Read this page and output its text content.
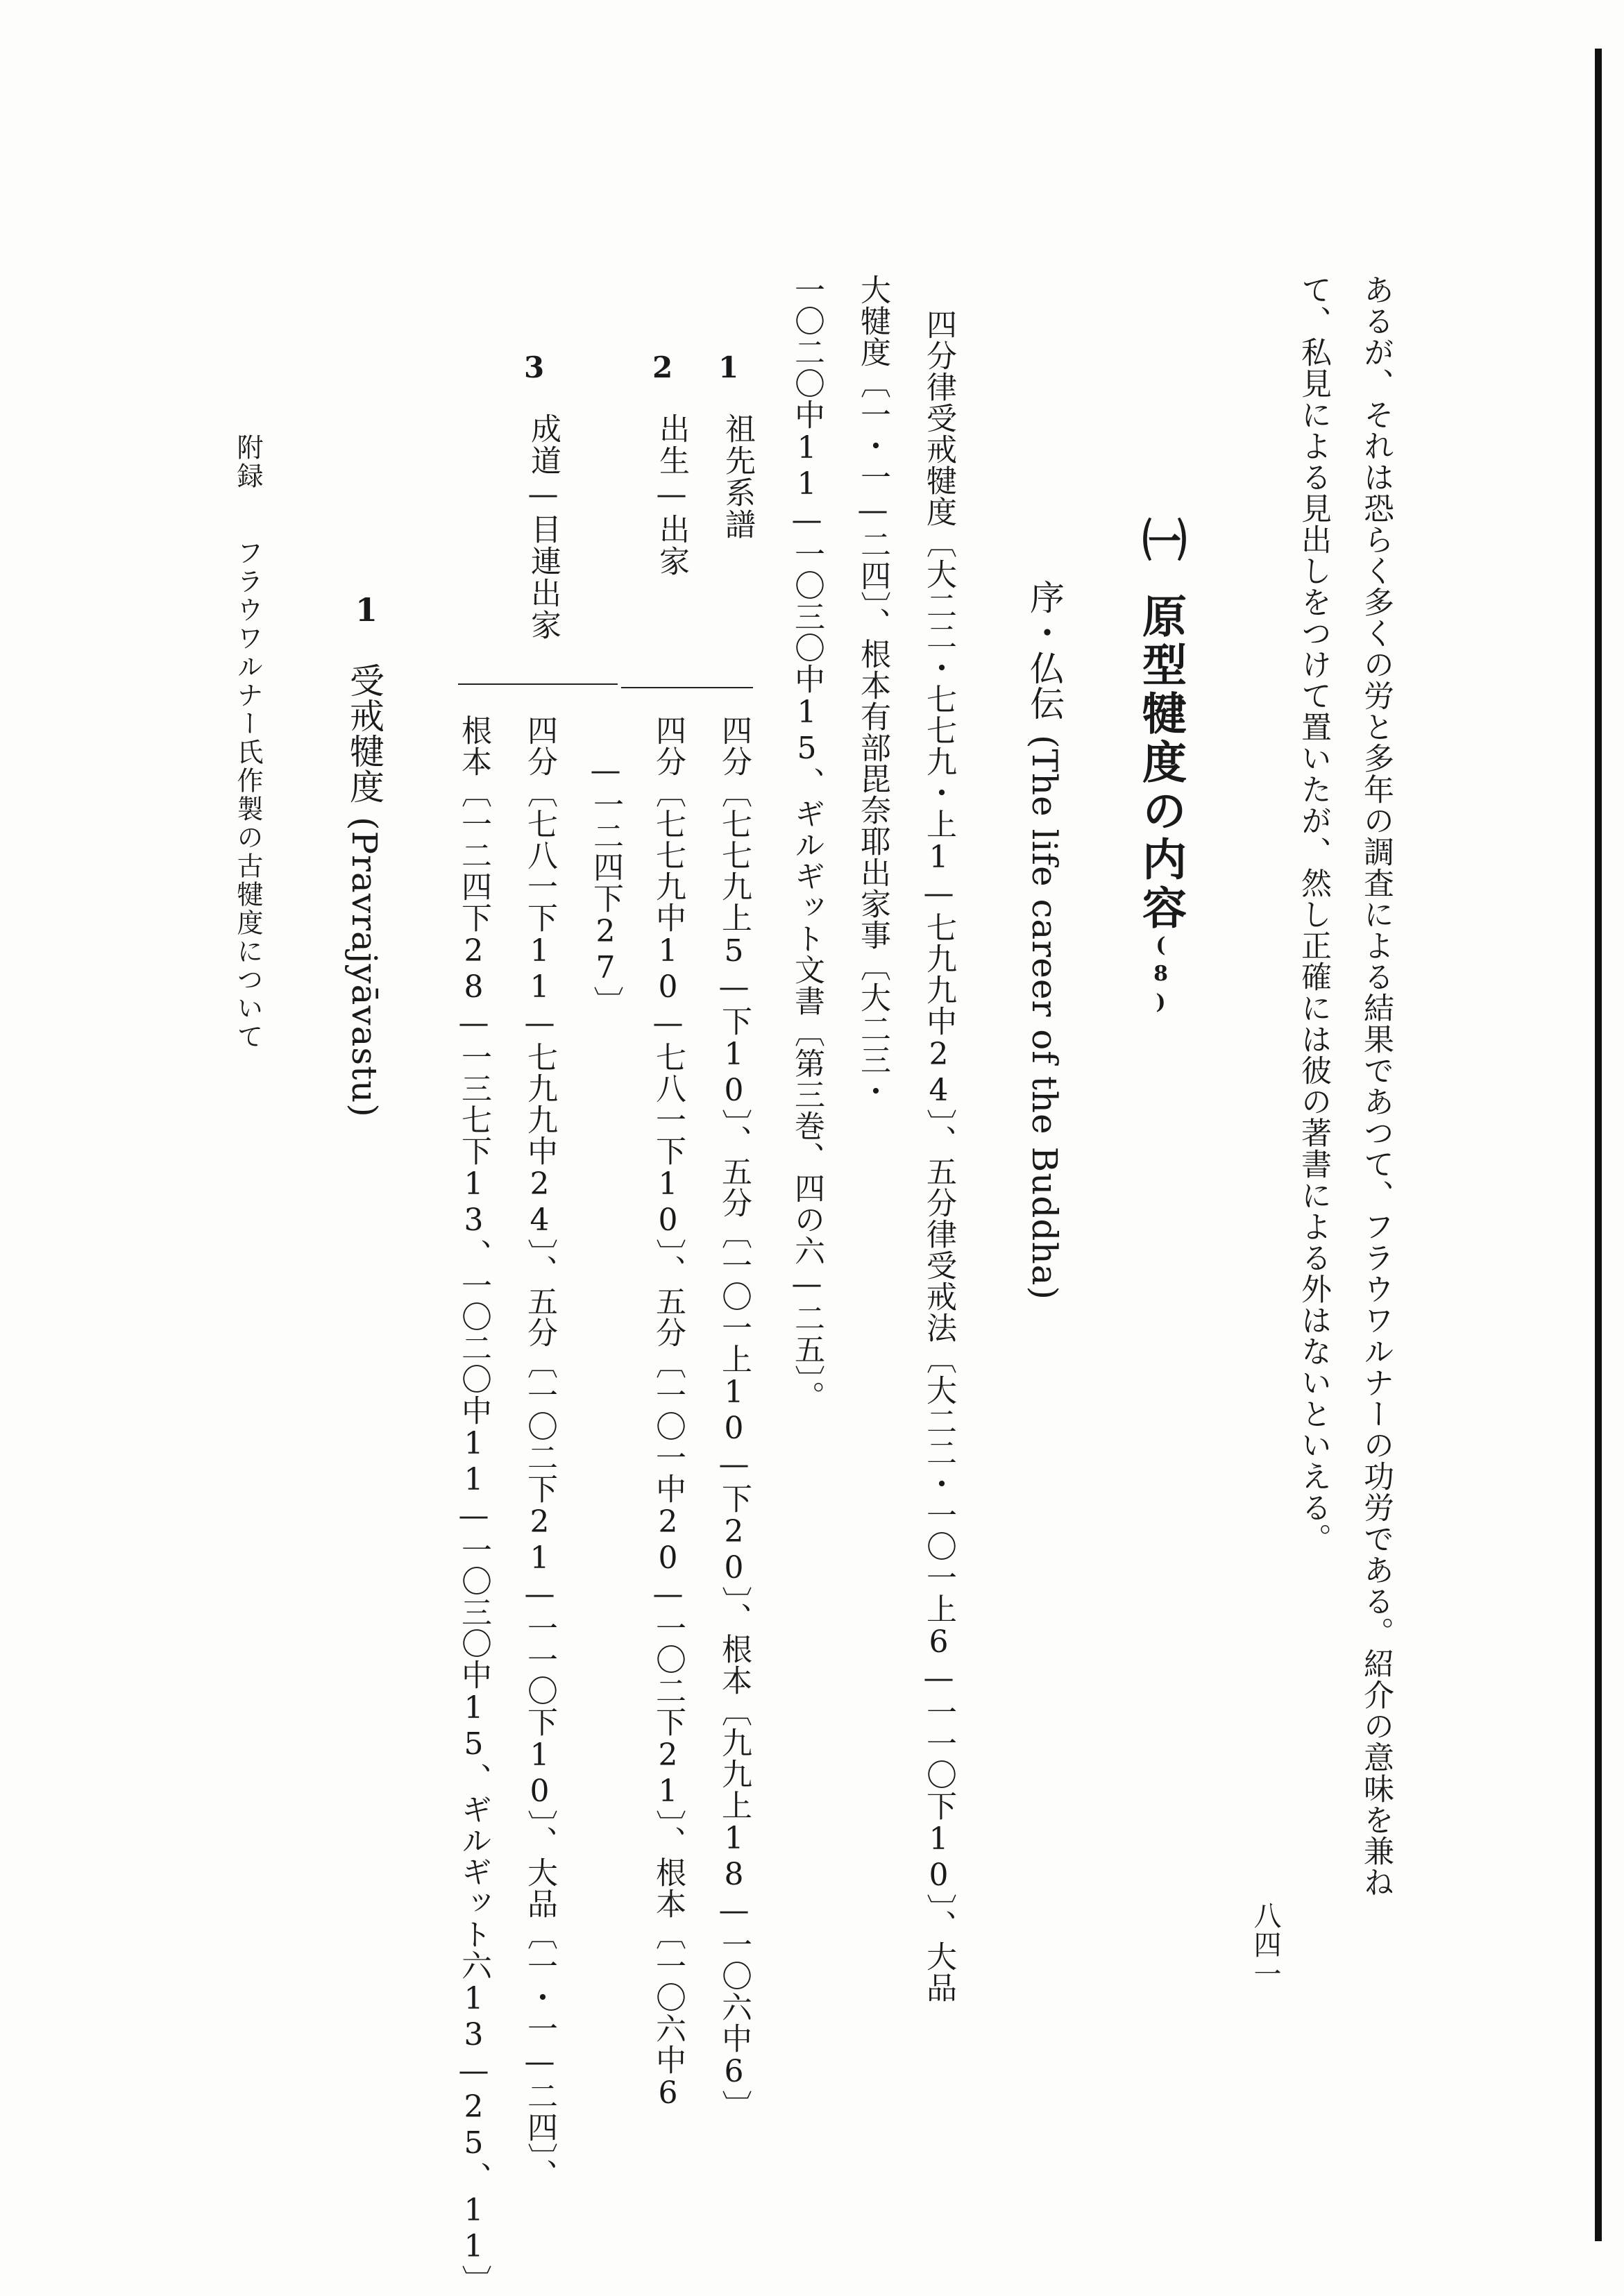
あるが、それは恐らく多くの労と多年の調査による結果であつて、フラウワルナーの功労である。紹介の意味を兼ね
て、私見による見出しをつけて置いたが、然し正確には彼の著書による外はないといえる。
㈠原型犍度の内容(8)
序・仏伝(The life career of the Buddha)
四分律受戒犍度〔大二二・七七九・上1—七九九中24〕、五分律受戒法〔大二二・一〇一上6—一一〇下10〕、大品
大犍度〔一・一—二四〕、根本有部毘奈耶出家事〔大二三・
一〇二〇中11—一〇三〇中15、ギルギット文書〔第三巻、四の六—二五〕。
1
祖先系譜
四分〔七七九上5—下10〕、五分〔一〇一上10—下20〕、根本〔九九上18—一〇六中6〕
2
出生—出家
四分〔七七九中10—七八一下10〕、五分〔一〇一中20—一〇二下21〕、根本〔一〇六中6
—一二四下27〕
3
成道—目連出家
四分〔七八一下11—七九九中24〕、五分〔一〇二下21—一一〇下10〕、大品〔一・一—二四〕、
根本〔一二四下28—一三七下13、一〇二〇中11—一〇三〇中15、ギルギット六13—25、11〕
1
受戒犍度(Pravrajyāvastu)
附録フラウワルナー氏作製の古犍度について
八四一
